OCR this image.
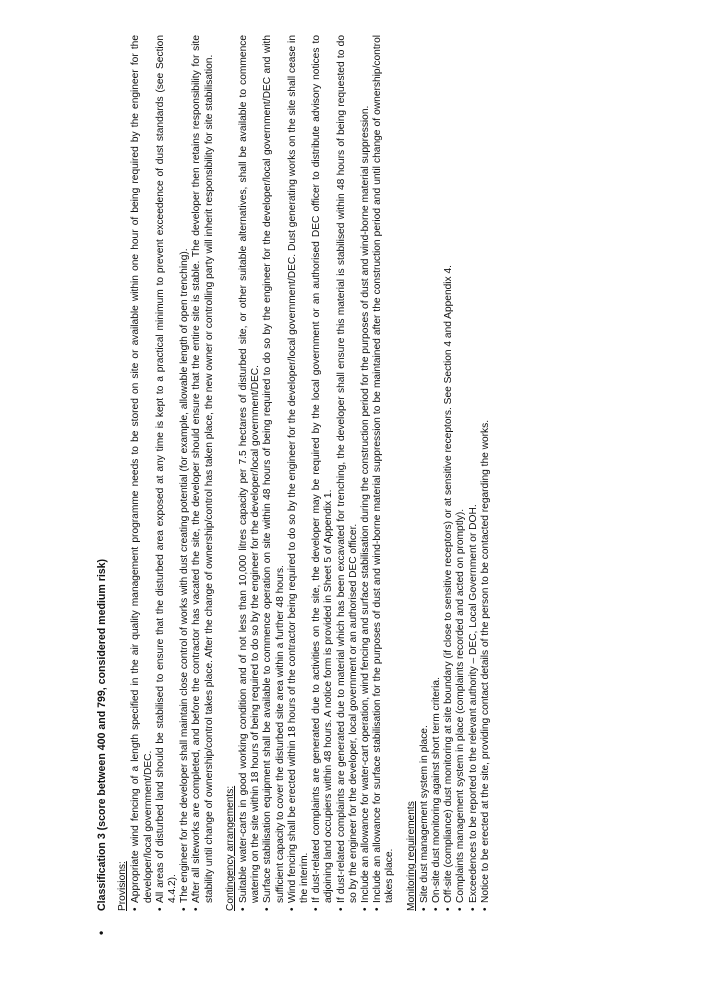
•
Classification 3 (score between 400 and 799, considered medium risk) Provisions: •
Appropriate wind fencing of a length specified in the air quality management programme needs to be stored on site or available within one hour of being required by the engineer for the developer/local government/DEC.
•
All areas of disturbed land should be stabilised to ensure that the disturbed area exposed at any time is kept to a practical minimum to prevent exceedence of dust standards (see Section 4.4.2).
•
The engineer for the developer shall maintain close control of works with dust creating potential (for example, allowable length of open trenching).
•
After all siteworks are completed, and before the contractor has vacated the site, the developer should ensure that the entire site is stable. The developer then retains responsibility for site stability until change of ownership/control takes place. After the change of ownership/control has taken place, the new owner or controlling party will inherit responsibility for site stabilisation. Contingency arrangements: •
Suitable water-carts in good working condition and of not less than 10,000 litres capacity per 7.5 hectares of disturbed site, or other suitable alternatives, shall be available to commence watering on the site within 18 hours of being required to do so by the engineer for the developer/local government/DEC.
•
Surface stabilisation equipment shall be available to commence operation on site within 48 hours of being required to do so by the engineer for the developer/local government/DEC and with sufficient capacity to cover the disturbed site area within a further 48 hours.
•
Wind fencing shall be erected within 18 hours of the contractor being required to do so by the engineer for the developer/local government/DEC. Dust generating works on the site shall cease in the interim.
•
If dust-related complaints are generated due to activities on the site, the developer may be required by the local government or an authorised DEC officer to distribute advisory notices to adjoining land occupiers within 48 hours. A notice form is provided in Sheet 5 of Appendix 1.
•
If dust-related complaints are generated due to material which has been excavated for trenching, the developer shall ensure this material is stabilised within 48 hours of being requested to do so by the engineer for the developer, local government or an authorised DEC officer.
•
Include an allowance for water-cart operation, wind fencing and surface stabilisation during the construction period for the purposes of dust and wind-borne material suppression.
•
Include an allowance for surface stabilisation for the purposes of dust and wind-borne material suppression to be maintained after the construction period and until change of ownership/control takes place. Monitoring requirements •
Site dust management system in place.
•
On-site dust monitoring against short term criteria.
•
Off-site (compliance) dust monitoring at site boundary (if close to sensitive receptors) or at sensitive receptors. See Section 4 and Appendix 4.
•
Complaints management system in place (complaints recorded and acted on promptly).
•
Exceedences to be reported to the relevant authority – DEC, Local Government or DOH.
•
Notice to be erected at the site, providing contact details of the person to be contacted regarding the works.
